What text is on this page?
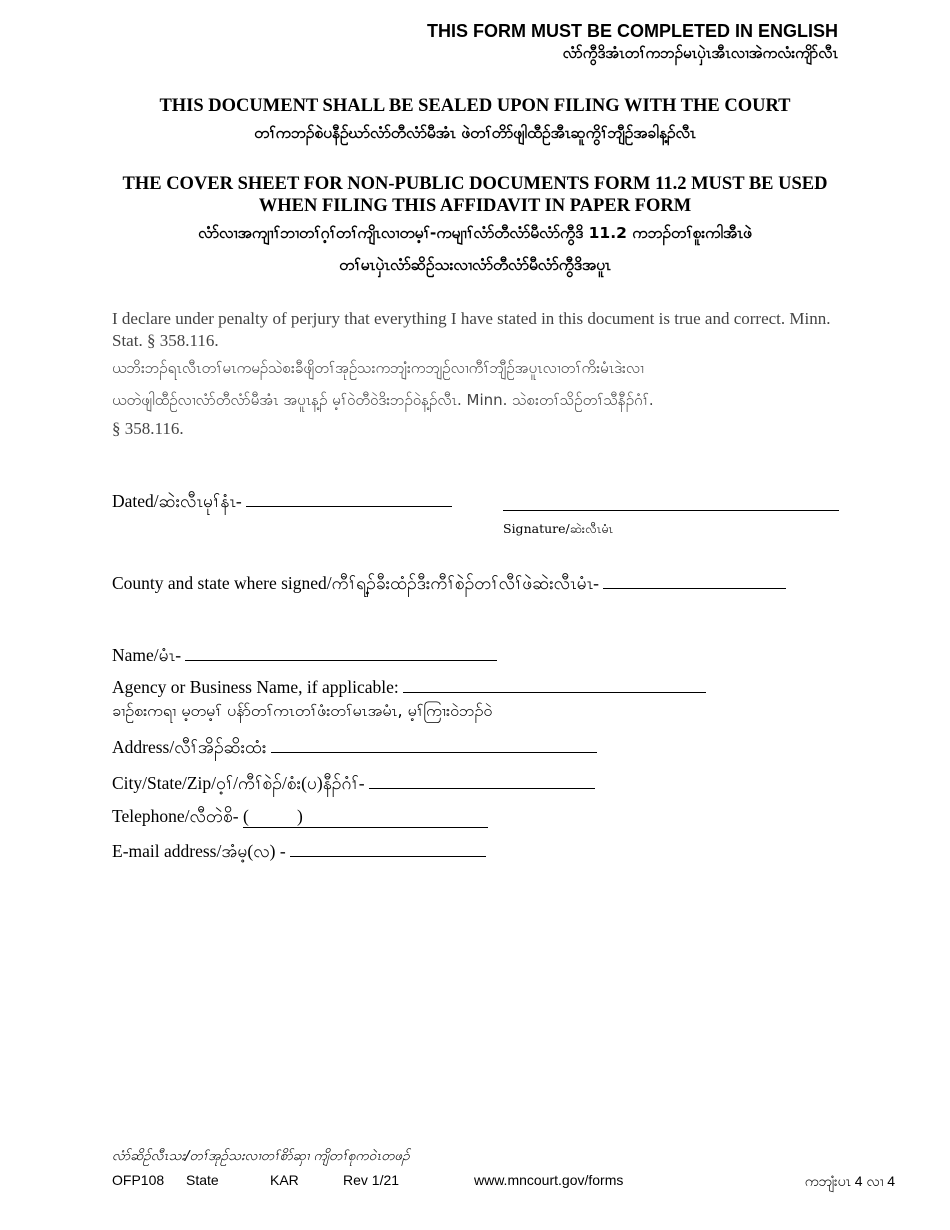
THIS FORM MUST BE COMPLETED IN ENGLISH
လံာ်ကွီဒိအံၤတၢ်ကဘၣ်မၤပှဲၤအီၤလၢအဲကလံးကျိာ်လီၤ
THIS DOCUMENT SHALL BE SEALED UPON FILING WITH THE COURT
တၢ်ကဘၣ်စဲပနီဉ်ဃာ်လံာ်တီလံာ်မီအံၤ ဖဲတၢ်တိာ်ဖျါထီဉ်အီၤဆူကွိၢ်ဘျီဉ်အခါန့ၣ်လီၤ
THE COVER SHEET FOR NON-PUBLIC DOCUMENTS FORM 11.2 MUST BE USED
WHEN FILING THIS AFFIDAVIT IN PAPER FORM
လံာ်လၢအကျၢၢ်ဘၢတၢ်ဂ့ၢ်တၢ်ကျိၤလၢတမ့ၢ်-ကမျၢၢ်လံာ်တီလံာ်မီလံာ်ကွီဒိ 11.2 ကဘၣ်တၢ်စူးကါအီၤဖဲ
တၢ်မၤပှဲၤလံာ်ဆိဉ်သးလၢလံာ်တီလံာ်မီလံာ်ကွီဒိအပူၤ
I declare under penalty of perjury that everything I have stated in this document is true and correct. Minn. Stat. § 358.116.
ယဘိးဘၣ်ရၤလီၤတၢ်မၤကမၣ်သဲစးခီဖျိတၢ်အုဉ်သးကဘျံးကဘျဉ်လၢကီၢ်ဘျီဉ်အပူၤလၢတၢ်ကိးမံၤဒဲးလၢ
ယတဲဖျါထီဉ်လၢလံာ်တီလံာ်မီအံၤ အပူၤန့ၣ် မ့ၢ်ဝဲတီဝဲဒိးဘၣ်ဝဲန့ၣ်လီၤ. Minn. သဲစးတၢ်သိဉ်တၢ်သီနီၣ်ဂံၢ်.
§ 358.116.
Dated/ဆဲးလီၤမုၢ်နံၤ-
Signature/ဆဲးလီၤမံၤ
County and state where signed/ကီၢ်ရ့ၣ်ခီးထံၣ်ဒီးကီၢ်စဲၣ်တၢ်လီၢ်ဖဲဆဲးလီၤမံၤ-
Name/မံၤ-
Agency or Business Name, if applicable:
ခၢဉ်စးကရၢ မ့တမ့ၢ် ပန်ာ်တၢ်ကၤတၢ်ဖံးတၢ်မၤအမံၤ, မ့ၢ်ကြၢးဝဲဘၣ်ဝဲ
Address/လီၢ်အိၣ်ဆိးထံး
City/State/Zip/ဝ့ၢ်/ကီၢ်စဲၣ်/စံး(ပ)နီၣ်ဂံၢ်-
Telephone/လီတဲစိ- (           )
E-mail address/အံမ့(လ) -
လံာ်ဆိဉ်လီၤသး/တၢ်အုဉ်သးလၢတၢ်စိာ်ဆှၢ ကျိတၢ်စုကဝဲၤတဖၣ်
OFP108 State	KAR	Rev 1/21	www.mncourt.gov/forms	ကဘျံးပၤ 4 လၢ 4
